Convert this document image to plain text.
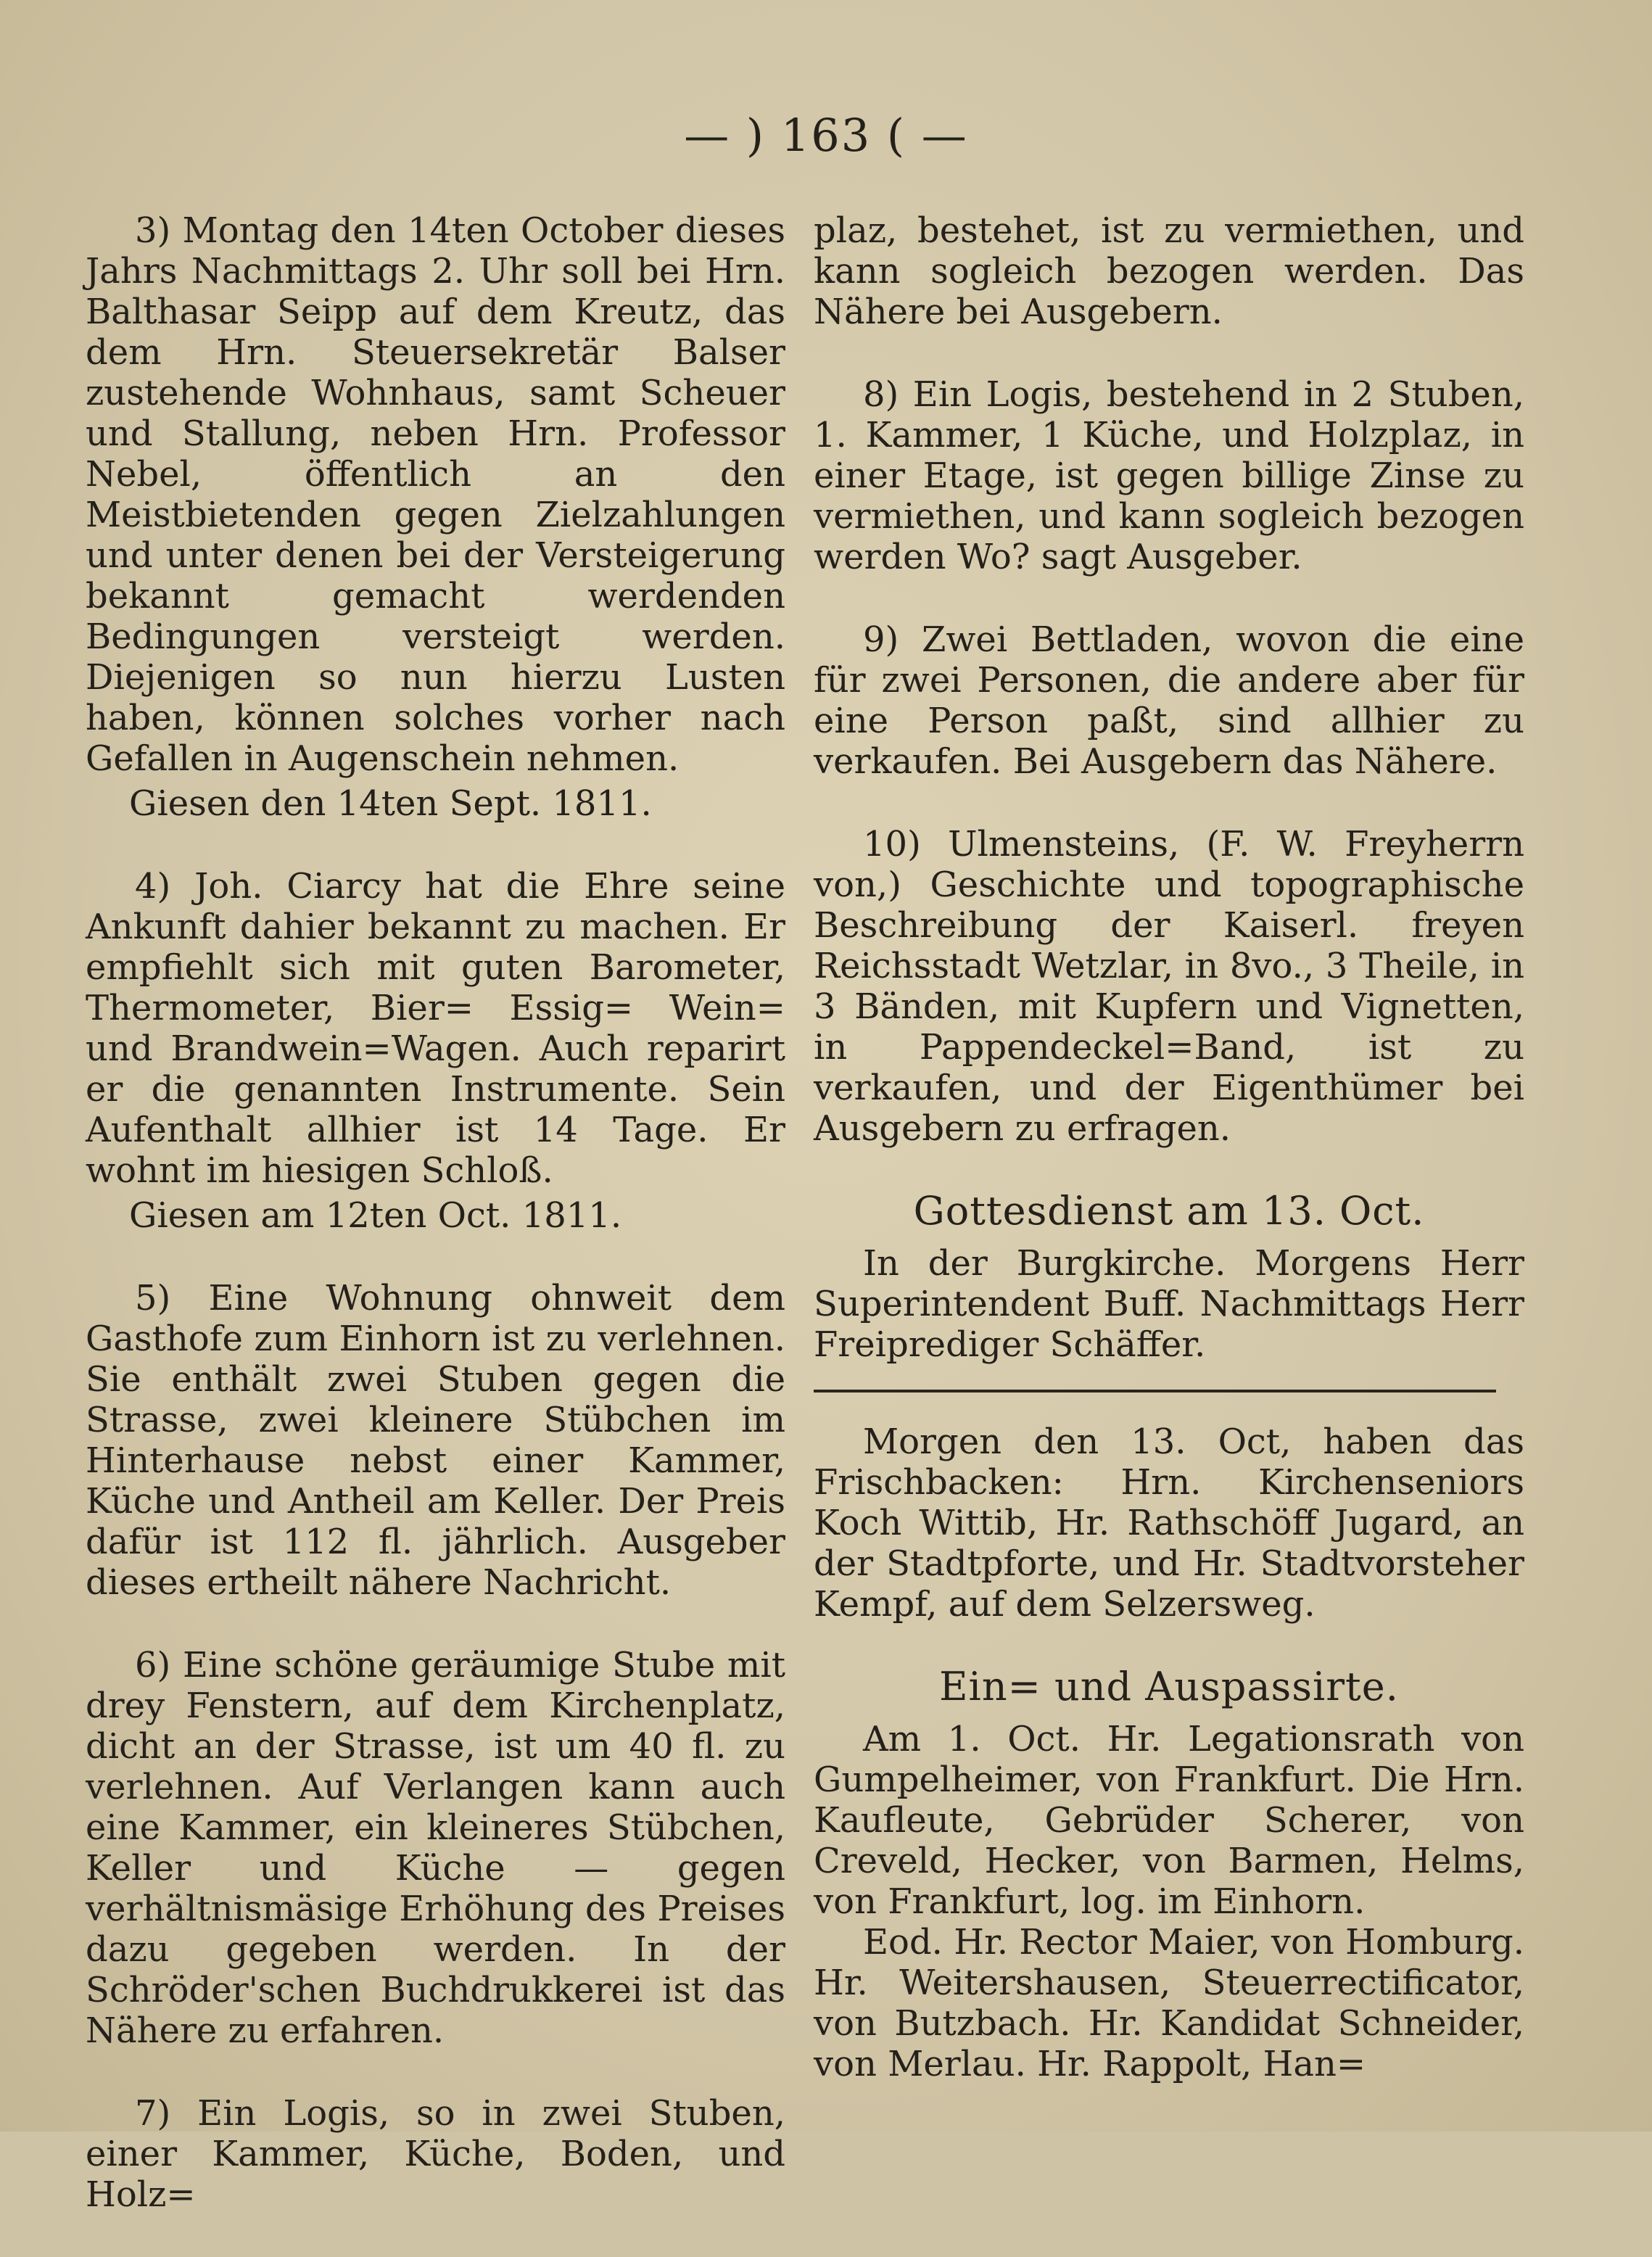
— ) 163 ( —

3) Montag den 14ten October dieses Jahrs Nachmittags 2. Uhr soll bei Hrn. Balthasar Seipp auf dem Kreutz, das dem Hrn. Steuersekretär Balser zustehende Wohnhaus, samt Scheuer und Stallung, neben Hrn. Professor Nebel, öffentlich an den Meistbietenden gegen Zielzahlungen und unter denen bei der Versteigerung bekannt gemacht werdenden Bedingungen versteigt werden. Diejenigen so nun hierzu Lusten haben, können solches vorher nach Gefallen in Augenschein nehmen.

Giesen den 14ten Sept. 1811.

4) Joh. Ciarcy hat die Ehre seine Ankunft dahier bekannt zu machen. Er empfiehlt sich mit guten Barometer, Thermometer, Bier= Essig= Wein= und Brandwein=Wagen. Auch reparirt er die genannten Instrumente. Sein Aufenthalt allhier ist 14 Tage. Er wohnt im hiesigen Schloß.

Giesen am 12ten Oct. 1811.

5) Eine Wohnung ohnweit dem Gasthofe zum Einhorn ist zu verlehnen. Sie enthält zwei Stuben gegen die Strasse, zwei kleinere Stübchen im Hinterhause nebst einer Kammer, Küche und Antheil am Keller. Der Preis dafür ist 112 fl. jährlich. Ausgeber dieses ertheilt nähere Nachricht.

6) Eine schöne geräumige Stube mit drey Fenstern, auf dem Kirchenplatz, dicht an der Strasse, ist um 40 fl. zu verlehnen. Auf Verlangen kann auch eine Kammer, ein kleineres Stübchen, Keller und Küche — gegen verhältnismäsige Erhöhung des Preises dazu gegeben werden. In der Schröder'schen Buchdrukkerei ist das Nähere zu erfahren.

7) Ein Logis, so in zwei Stuben, einer Kammer, Küche, Boden, und Holz=

plaz, bestehet, ist zu vermiethen, und kann sogleich bezogen werden. Das Nähere bei Ausgebern.

8) Ein Logis, bestehend in 2 Stuben, 1. Kammer, 1 Küche, und Holzplaz, in einer Etage, ist gegen billige Zinse zu vermiethen, und kann sogleich bezogen werden Wo? sagt Ausgeber.

9) Zwei Bettladen, wovon die eine für zwei Personen, die andere aber für eine Person paßt, sind allhier zu verkaufen. Bei Ausgebern das Nähere.

10) Ulmensteins, (F. W. Freyherrn von,) Geschichte und topographische Beschreibung der Kaiserl. freyen Reichsstadt Wetzlar, in 8vo., 3 Theile, in 3 Bänden, mit Kupfern und Vignetten, in Pappendeckel=Band, ist zu verkaufen, und der Eigenthümer bei Ausgebern zu erfragen.

Gottesdienst am 13. Oct.

In der Burgkirche. Morgens Herr Superintendent Buff. Nachmittags Herr Freiprediger Schäffer.

Morgen den 13. Oct, haben das Frischbacken: Hrn. Kirchenseniors Koch Wittib, Hr. Rathschöff Jugard, an der Stadtpforte, und Hr. Stadtvorsteher Kempf, auf dem Selzersweg.

Ein= und Auspassirte.

Am 1. Oct. Hr. Legationsrath von Gumpelheimer, von Frankfurt. Die Hrn. Kaufleute, Gebrüder Scherer, von Creveld, Hecker, von Barmen, Helms, von Frankfurt, log. im Einhorn.

Eod. Hr. Rector Maier, von Homburg. Hr. Weitershausen, Steuerrectificator, von Butzbach. Hr. Kandidat Schneider, von Merlau. Hr. Rappolt, Han=
